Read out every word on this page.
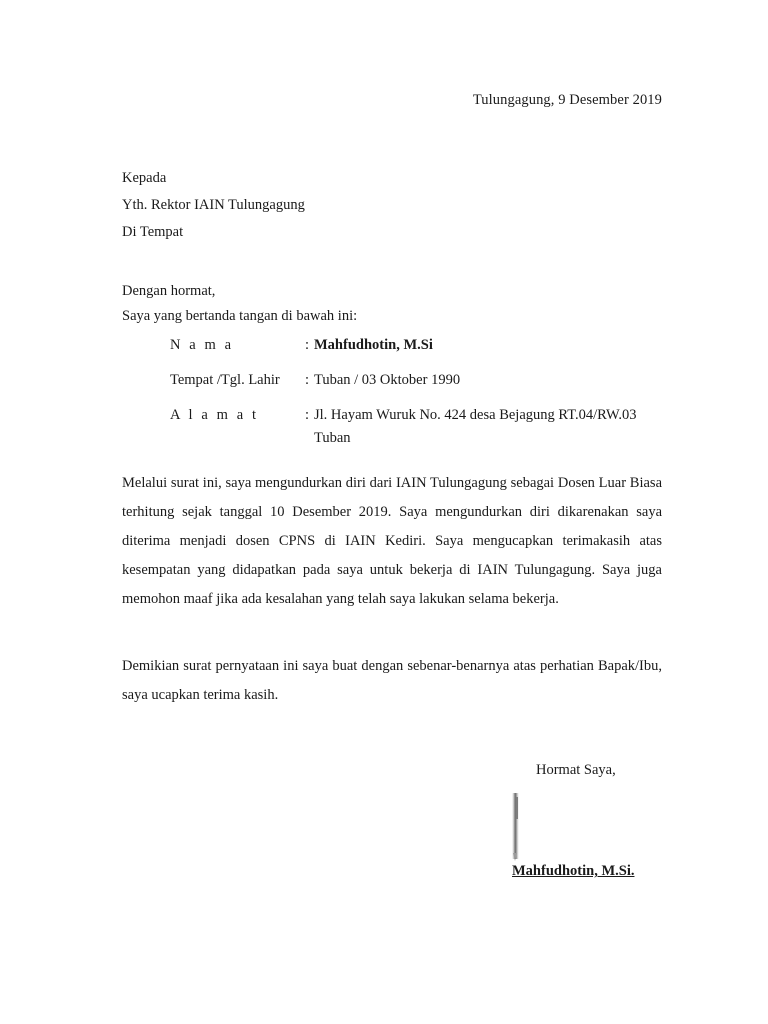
Tulungagung, 9 Desember 2019
Kepada
Yth. Rektor IAIN Tulungagung
Di Tempat
Dengan hormat,
Saya yang bertanda tangan di bawah ini:
N a m a	: Mahfudhotin, M.Si
Tempat /Tgl. Lahir	: Tuban / 03 Oktober 1990
A l a m a t	: Jl. Hayam Wuruk No. 424 desa Bejagung RT.04/RW.03
Tuban
Melalui surat ini, saya mengundurkan diri dari IAIN Tulungagung sebagai Dosen Luar Biasa terhitung sejak tanggal 10 Desember 2019. Saya mengundurkan diri dikarenakan saya diterima menjadi dosen CPNS di IAIN Kediri. Saya mengucapkan terimakasih atas kesempatan yang didapatkan pada saya untuk bekerja di IAIN Tulungagung. Saya juga memohon maaf jika ada kesalahan yang telah saya lakukan selama bekerja.
Demikian surat pernyataan ini saya buat dengan sebenar-benarnya atas perhatian Bapak/Ibu, saya ucapkan terima kasih.
Hormat Saya,
Mahfudhotin, M.Si.
